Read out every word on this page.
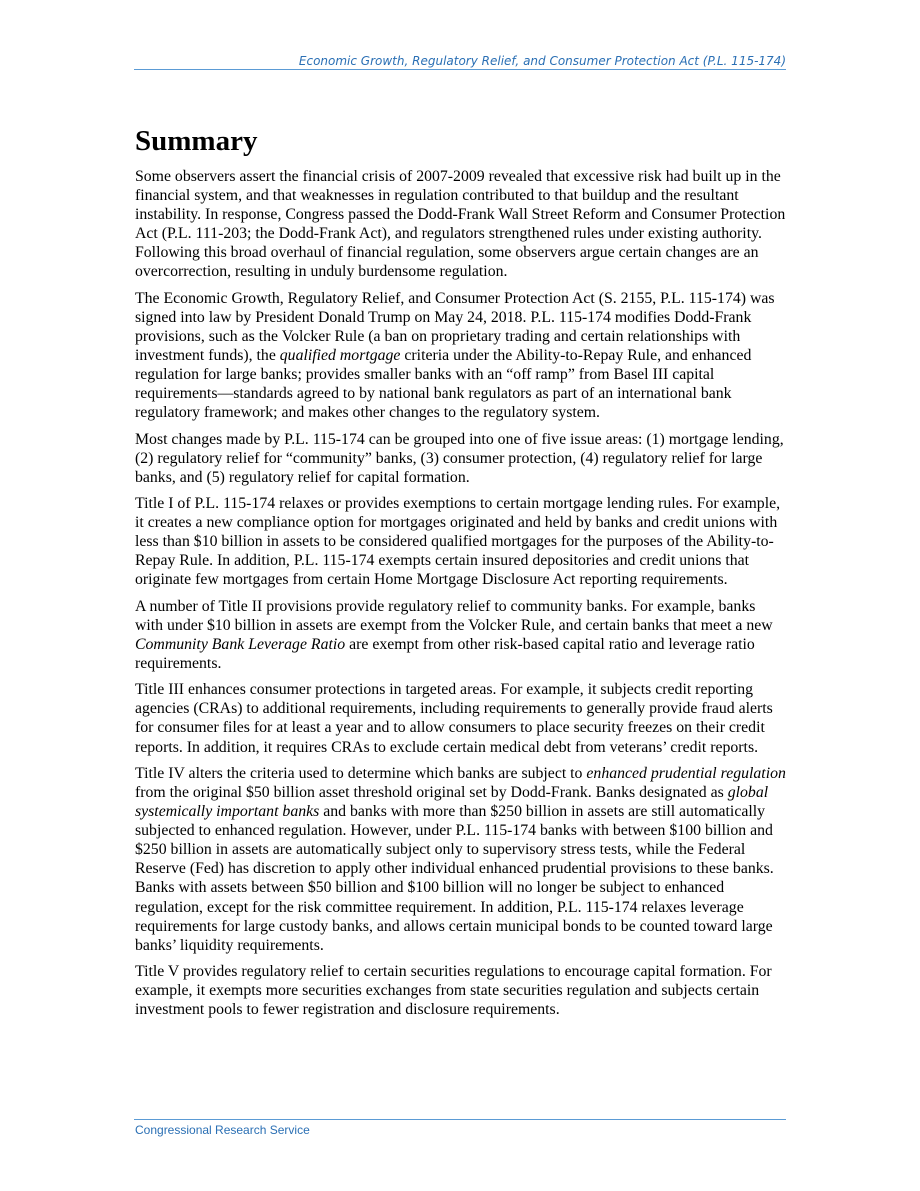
Economic Growth, Regulatory Relief, and Consumer Protection Act (P.L. 115-174)
Summary

Some observers assert the financial crisis of 2007-2009 revealed that excessive risk had built up in the financial system, and that weaknesses in regulation contributed to that buildup and the resultant instability. In response, Congress passed the Dodd-Frank Wall Street Reform and Consumer Protection Act (P.L. 111-203; the Dodd-Frank Act), and regulators strengthened rules under existing authority. Following this broad overhaul of financial regulation, some observers argue certain changes are an overcorrection, resulting in unduly burdensome regulation.

The Economic Growth, Regulatory Relief, and Consumer Protection Act (S. 2155, P.L. 115-174) was signed into law by President Donald Trump on May 24, 2018. P.L. 115-174 modifies Dodd-Frank provisions, such as the Volcker Rule (a ban on proprietary trading and certain relationships with investment funds), the qualified mortgage criteria under the Ability-to-Repay Rule, and enhanced regulation for large banks; provides smaller banks with an “off ramp” from Basel III capital requirements—standards agreed to by national bank regulators as part of an international bank regulatory framework; and makes other changes to the regulatory system.

Most changes made by P.L. 115-174 can be grouped into one of five issue areas: (1) mortgage lending, (2) regulatory relief for “community” banks, (3) consumer protection, (4) regulatory relief for large banks, and (5) regulatory relief for capital formation.

Title I of P.L. 115-174 relaxes or provides exemptions to certain mortgage lending rules. For example, it creates a new compliance option for mortgages originated and held by banks and credit unions with less than $10 billion in assets to be considered qualified mortgages for the purposes of the Ability-to-Repay Rule. In addition, P.L. 115-174 exempts certain insured depositories and credit unions that originate few mortgages from certain Home Mortgage Disclosure Act reporting requirements.

A number of Title II provisions provide regulatory relief to community banks. For example, banks with under $10 billion in assets are exempt from the Volcker Rule, and certain banks that meet a new Community Bank Leverage Ratio are exempt from other risk-based capital ratio and leverage ratio requirements.

Title III enhances consumer protections in targeted areas. For example, it subjects credit reporting agencies (CRAs) to additional requirements, including requirements to generally provide fraud alerts for consumer files for at least a year and to allow consumers to place security freezes on their credit reports. In addition, it requires CRAs to exclude certain medical debt from veterans’ credit reports.

Title IV alters the criteria used to determine which banks are subject to enhanced prudential regulation from the original $50 billion asset threshold original set by Dodd-Frank. Banks designated as global systemically important banks and banks with more than $250 billion in assets are still automatically subjected to enhanced regulation. However, under P.L. 115-174 banks with between $100 billion and $250 billion in assets are automatically subject only to supervisory stress tests, while the Federal Reserve (Fed) has discretion to apply other individual enhanced prudential provisions to these banks. Banks with assets between $50 billion and $100 billion will no longer be subject to enhanced regulation, except for the risk committee requirement. In addition, P.L. 115-174 relaxes leverage requirements for large custody banks, and allows certain municipal bonds to be counted toward large banks’ liquidity requirements.

Title V provides regulatory relief to certain securities regulations to encourage capital formation. For example, it exempts more securities exchanges from state securities regulation and subjects certain investment pools to fewer registration and disclosure requirements.

Congressional Research Service
